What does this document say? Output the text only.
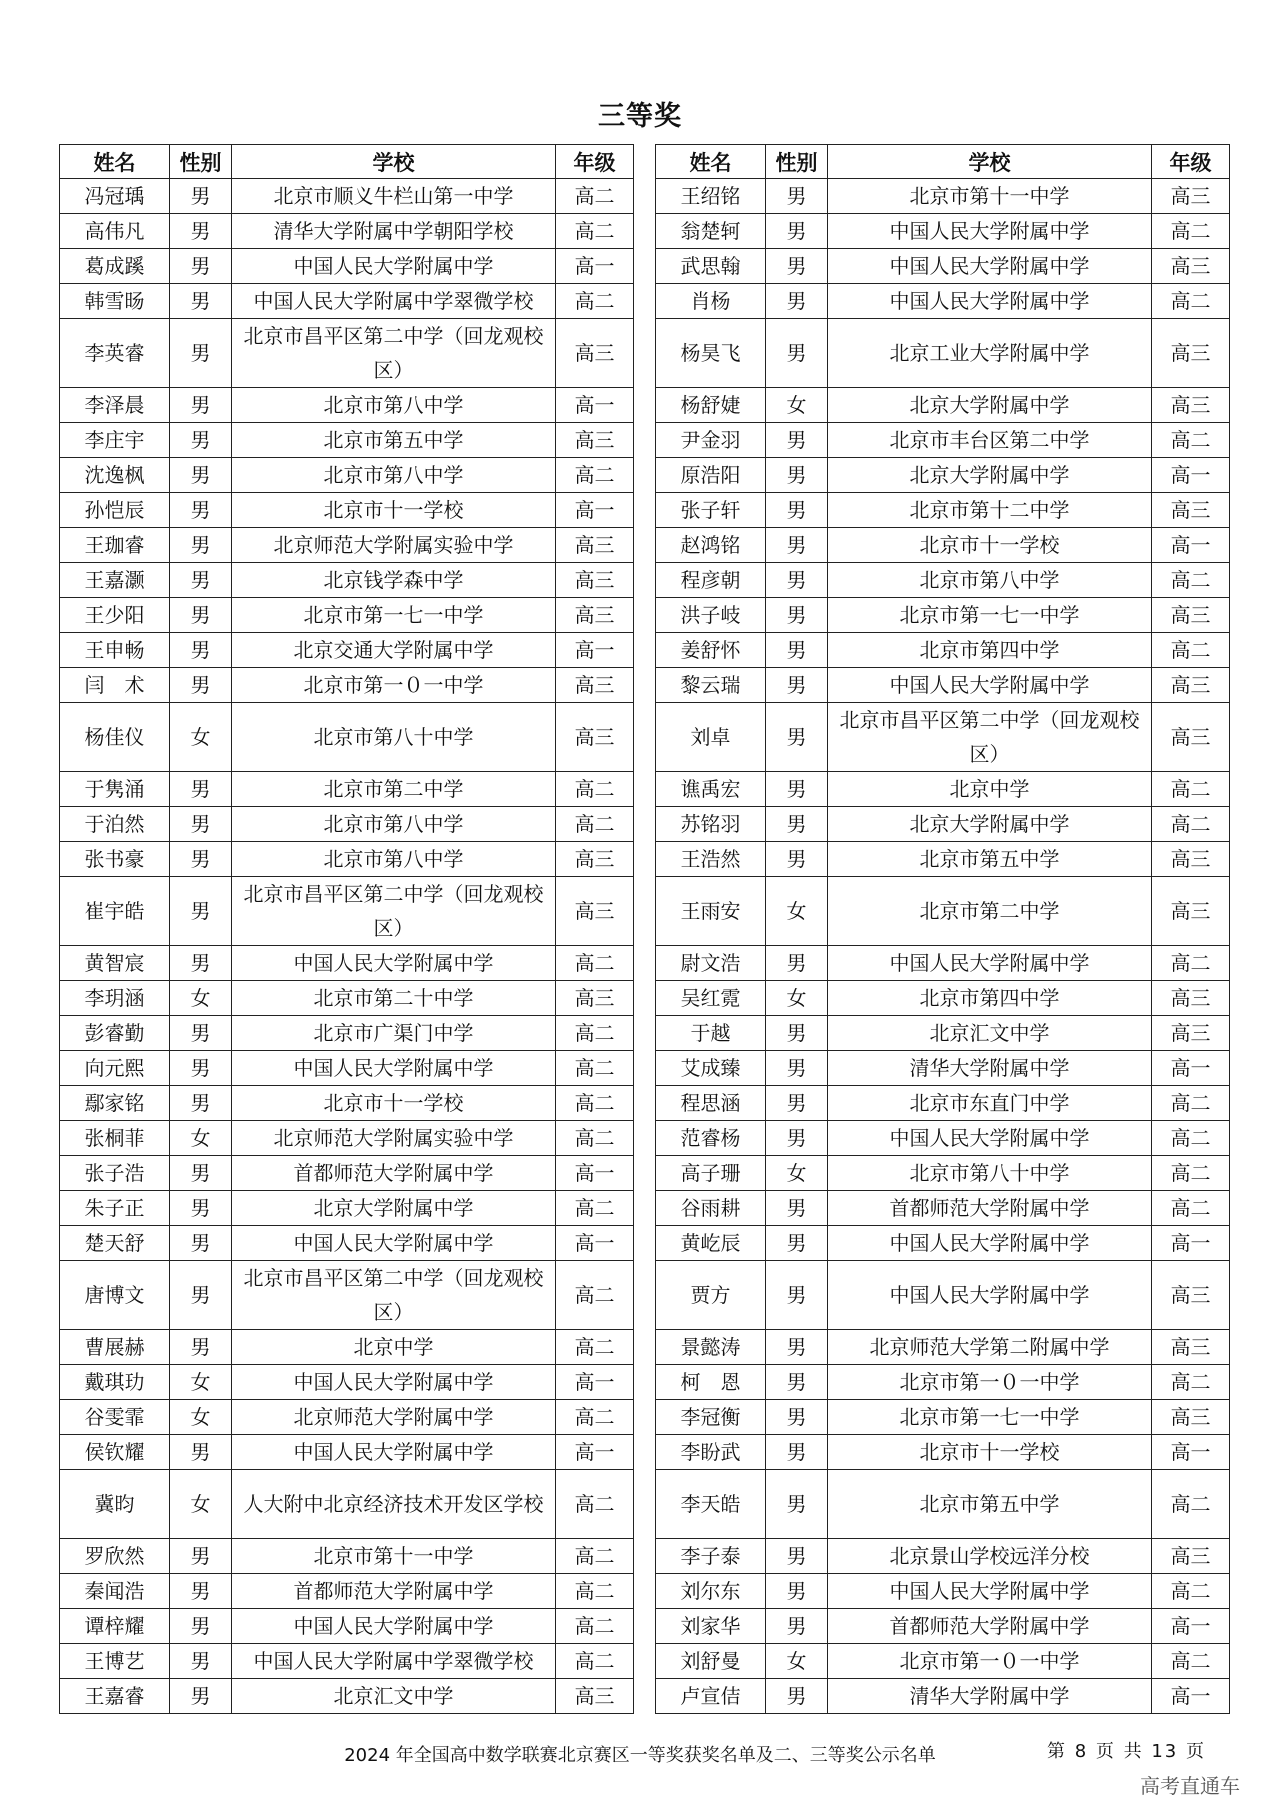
三等奖
姓名	性别	学校	年级
冯冠瑀	男	北京市顺义牛栏山第一中学	高二
高伟凡	男	清华大学附属中学朝阳学校	高二
葛成蹊	男	中国人民大学附属中学	高一
韩雪旸	男	中国人民大学附属中学翠微学校	高二
李英睿	男	北京市昌平区第二中学（回龙观校区）	高三
李泽晨	男	北京市第八中学	高一
李庄宇	男	北京市第五中学	高三
沈逸枫	男	北京市第八中学	高二
孙恺辰	男	北京市十一学校	高一
王珈睿	男	北京师范大学附属实验中学	高三
王嘉灏	男	北京钱学森中学	高三
王少阳	男	北京市第一七一中学	高三
王申畅	男	北京交通大学附属中学	高一
闫　术	男	北京市第一０一中学	高三
杨佳仪	女	北京市第八十中学	高三
于隽涌	男	北京市第二中学	高二
于泊然	男	北京市第八中学	高二
张书豪	男	北京市第八中学	高三
崔宇皓	男	北京市昌平区第二中学（回龙观校区）	高三
黄智宸	男	中国人民大学附属中学	高二
李玥涵	女	北京市第二十中学	高三
彭睿勤	男	北京市广渠门中学	高二
向元熙	男	中国人民大学附属中学	高二
鄢家铭	男	北京市十一学校	高二
张桐菲	女	北京师范大学附属实验中学	高二
张子浩	男	首都师范大学附属中学	高一
朱子正	男	北京大学附属中学	高二
楚天舒	男	中国人民大学附属中学	高一
唐博文	男	北京市昌平区第二中学（回龙观校区）	高二
曹展赫	男	北京中学	高二
戴琪玏	女	中国人民大学附属中学	高一
谷雯霏	女	北京师范大学附属中学	高二
侯钦耀	男	中国人民大学附属中学	高一
冀昀	女	人大附中北京经济技术开发区学校	高二
罗欣然	男	北京市第十一中学	高二
秦闻浩	男	首都师范大学附属中学	高二
谭梓耀	男	中国人民大学附属中学	高二
王博艺	男	中国人民大学附属中学翠微学校	高二
王嘉睿	男	北京汇文中学	高三
姓名	性别	学校	年级
王绍铭	男	北京市第十一中学	高三
翁楚轲	男	中国人民大学附属中学	高二
武思翰	男	中国人民大学附属中学	高三
肖杨	男	中国人民大学附属中学	高二
杨昊飞	男	北京工业大学附属中学	高三
杨舒婕	女	北京大学附属中学	高三
尹金羽	男	北京市丰台区第二中学	高二
原浩阳	男	北京大学附属中学	高一
张子轩	男	北京市第十二中学	高三
赵鸿铭	男	北京市十一学校	高一
程彦朝	男	北京市第八中学	高二
洪子岐	男	北京市第一七一中学	高三
姜舒怀	男	北京市第四中学	高二
黎云瑞	男	中国人民大学附属中学	高三
刘卓	男	北京市昌平区第二中学（回龙观校区）	高三
谯禹宏	男	北京中学	高二
苏铭羽	男	北京大学附属中学	高二
王浩然	男	北京市第五中学	高三
王雨安	女	北京市第二中学	高三
尉文浩	男	中国人民大学附属中学	高二
吴红霓	女	北京市第四中学	高三
于越	男	北京汇文中学	高三
艾成臻	男	清华大学附属中学	高一
程思涵	男	北京市东直门中学	高二
范睿杨	男	中国人民大学附属中学	高二
高子珊	女	北京市第八十中学	高二
谷雨耕	男	首都师范大学附属中学	高二
黄屹辰	男	中国人民大学附属中学	高一
贾方	男	中国人民大学附属中学	高三
景懿涛	男	北京师范大学第二附属中学	高三
柯　恩	男	北京市第一０一中学	高二
李冠衡	男	北京市第一七一中学	高三
李盼武	男	北京市十一学校	高一
李天皓	男	北京市第五中学	高二
李子泰	男	北京景山学校远洋分校	高三
刘尔东	男	中国人民大学附属中学	高二
刘家华	男	首都师范大学附属中学	高一
刘舒曼	女	北京市第一０一中学	高二
卢宣佶	男	清华大学附属中学	高一
2024 年全国高中数学联赛北京赛区一等奖获奖名单及二、三等奖公示名单	第 8 页 共 13 页
高考直通车
